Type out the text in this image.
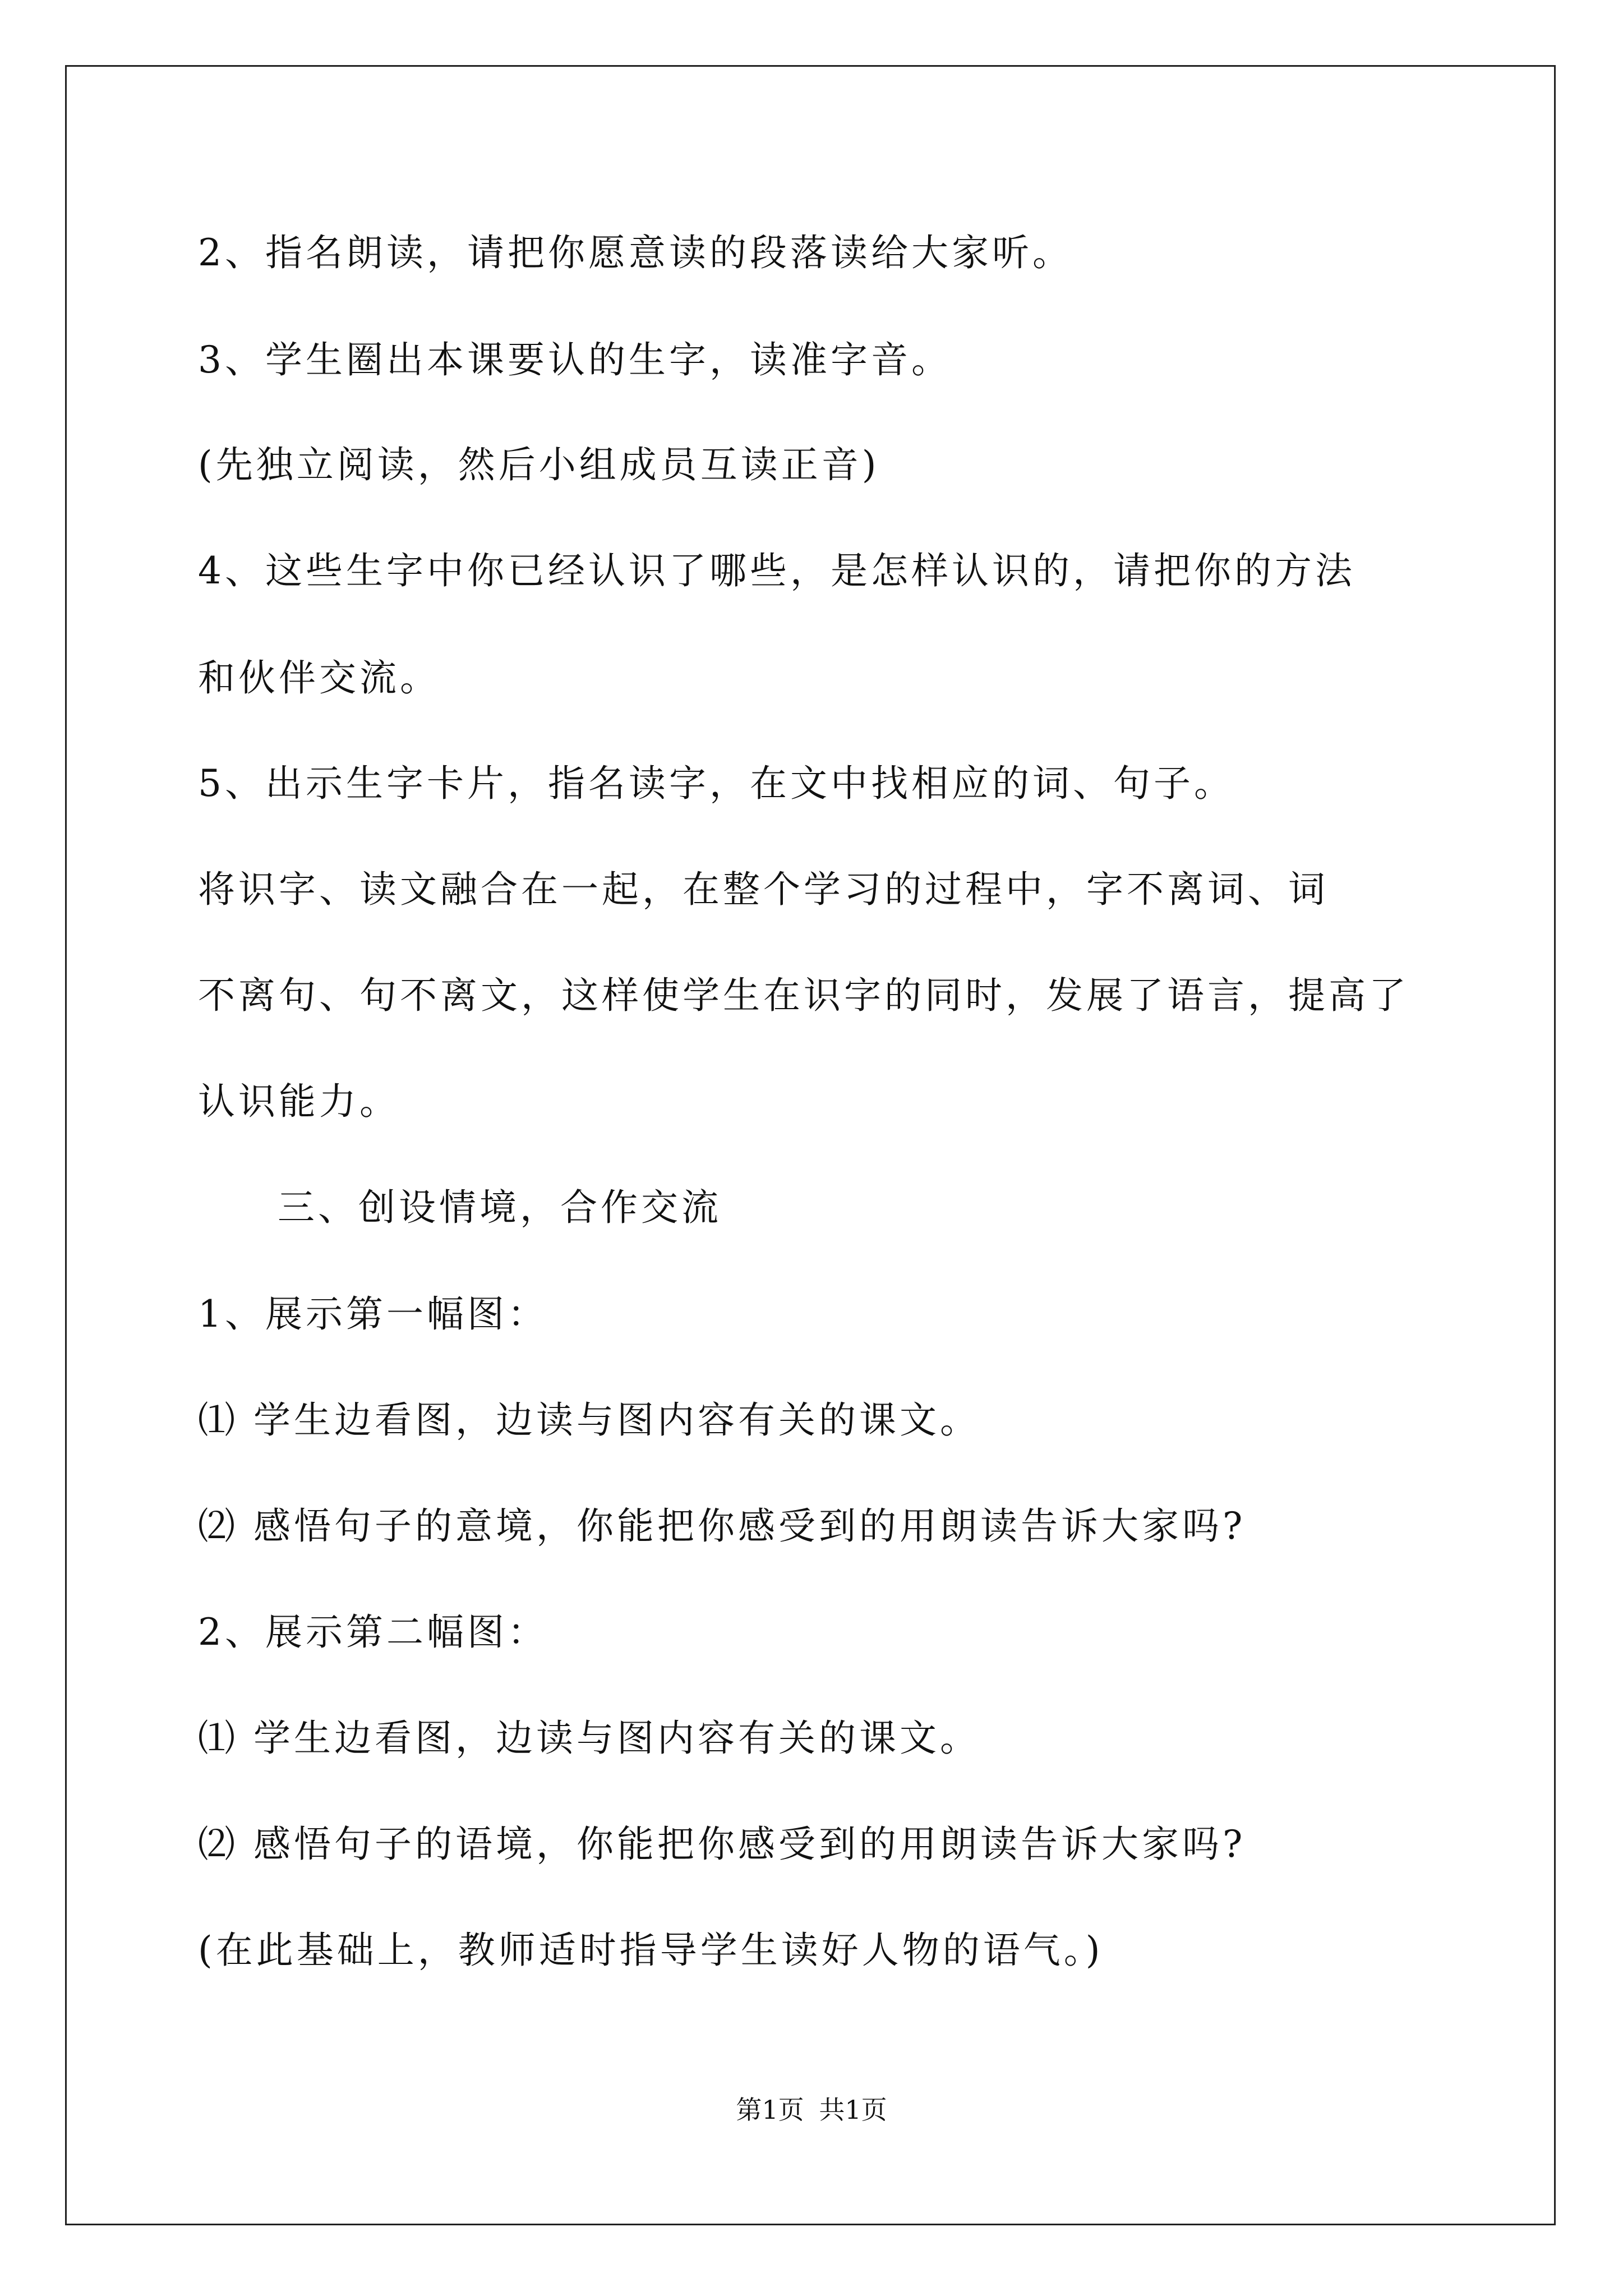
2、指名朗读，请把你愿意读的段落读给大家听。
3、学生圈出本课要认的生字，读准字音。
(先独立阅读，然后小组成员互读正音)
4、这些生字中你已经认识了哪些，是怎样认识的，请把你的方法
和伙伴交流。
5、出示生字卡片，指名读字，在文中找相应的词、句子。
将识字、读文融合在一起，在整个学习的过程中，字不离词、词
不离句、句不离文，这样使学生在识字的同时，发展了语言，提高了
认识能力。
三、创设情境，合作交流
1、展示第一幅图：
⑴ 学生边看图，边读与图内容有关的课文。
⑵ 感悟句子的意境，你能把你感受到的用朗读告诉大家吗?
2、展示第二幅图：
⑴ 学生边看图，边读与图内容有关的课文。
⑵ 感悟句子的语境，你能把你感受到的用朗读告诉大家吗?
(在此基础上，教师适时指导学生读好人物的语气。)
第1页 共1页
